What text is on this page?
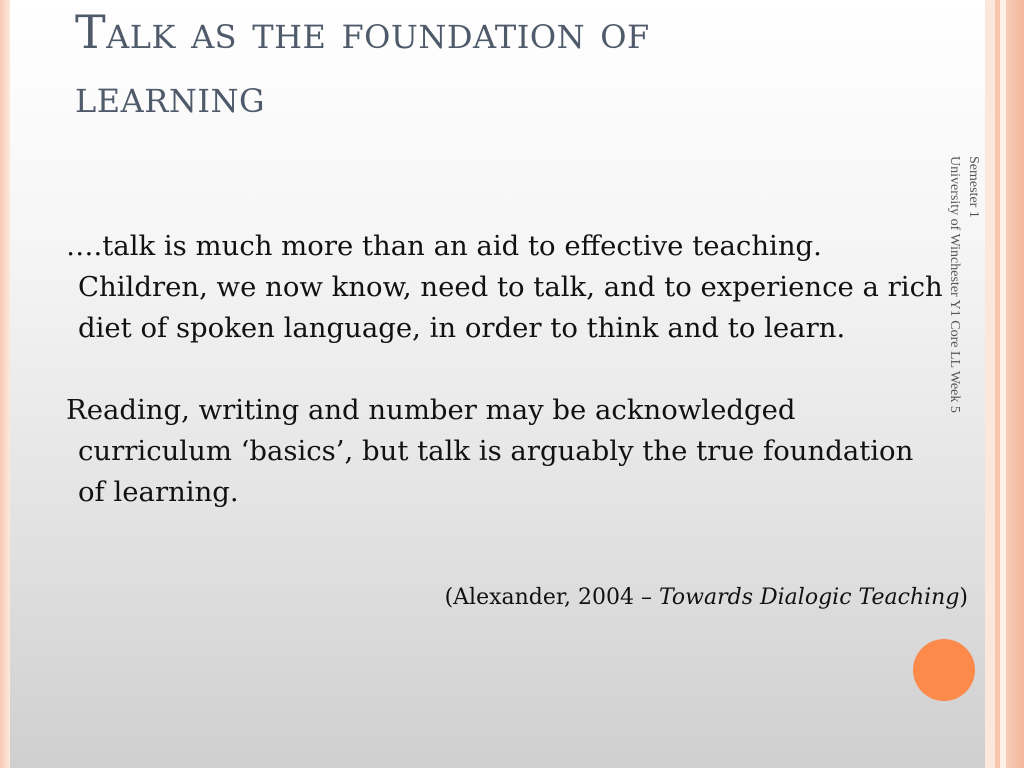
Talk as the foundation of
learning

….talk is much more than an aid to effective teaching. Children, we now know, need to talk, and to experience a rich diet of spoken language, in order to think and to learn.

Reading, writing and number may be acknowledged curriculum ‘basics’, but talk is arguably the true foundation of learning.

(Alexander, 2004 – Towards Dialogic Teaching)
Semester 1
University of Winchester Y1 Core LL Week 5
